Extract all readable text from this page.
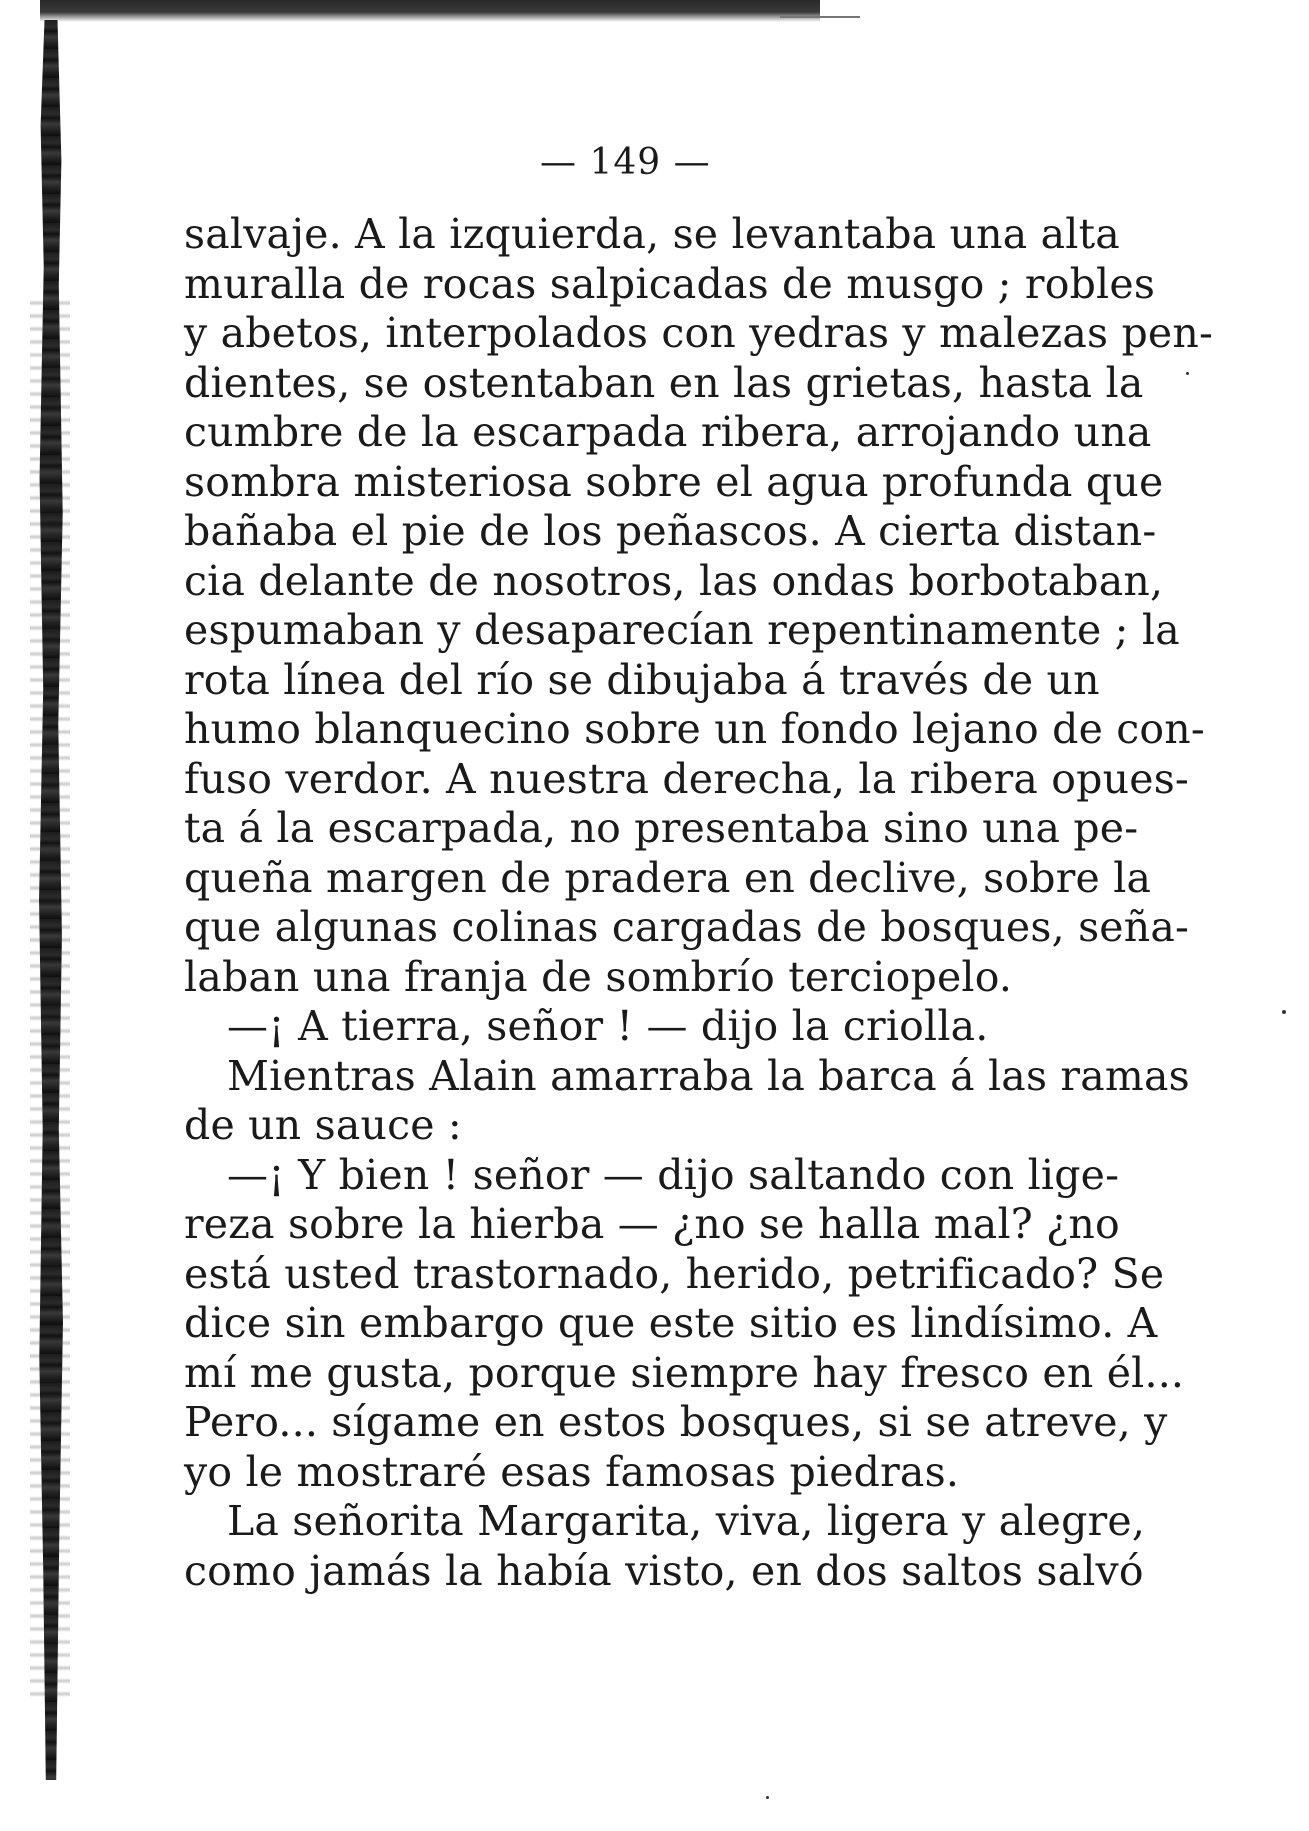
— 149 —
salvaje. A la izquierda, se levantaba una alta
muralla de rocas salpicadas de musgo ; robles
y abetos, interpolados con yedras y malezas pen-
dientes, se ostentaban en las grietas, hasta la
cumbre de la escarpada ribera, arrojando una
sombra misteriosa sobre el agua profunda que
bañaba el pie de los peñascos. A cierta distan-
cia delante de nosotros, las ondas borbotaban,
espumaban y desaparecían repentinamente ; la
rota línea del río se dibujaba á través de un
humo blanquecino sobre un fondo lejano de con-
fuso verdor. A nuestra derecha, la ribera opues-
ta á la escarpada, no presentaba sino una pe-
queña margen de pradera en declive, sobre la
que algunas colinas cargadas de bosques, seña-
laban una franja de sombrío terciopelo.
—¡ A tierra, señor ! — dijo la criolla.
Mientras Alain amarraba la barca á las ramas
de un sauce :
—¡ Y bien ! señor — dijo saltando con lige-
reza sobre la hierba — ¿no se halla mal? ¿no
está usted trastornado, herido, petrificado? Se
dice sin embargo que este sitio es lindísimo. A
mí me gusta, porque siempre hay fresco en él...
Pero... sígame en estos bosques, si se atreve, y
yo le mostraré esas famosas piedras.
La señorita Margarita, viva, ligera y alegre,
como jamás la había visto, en dos saltos salvó
